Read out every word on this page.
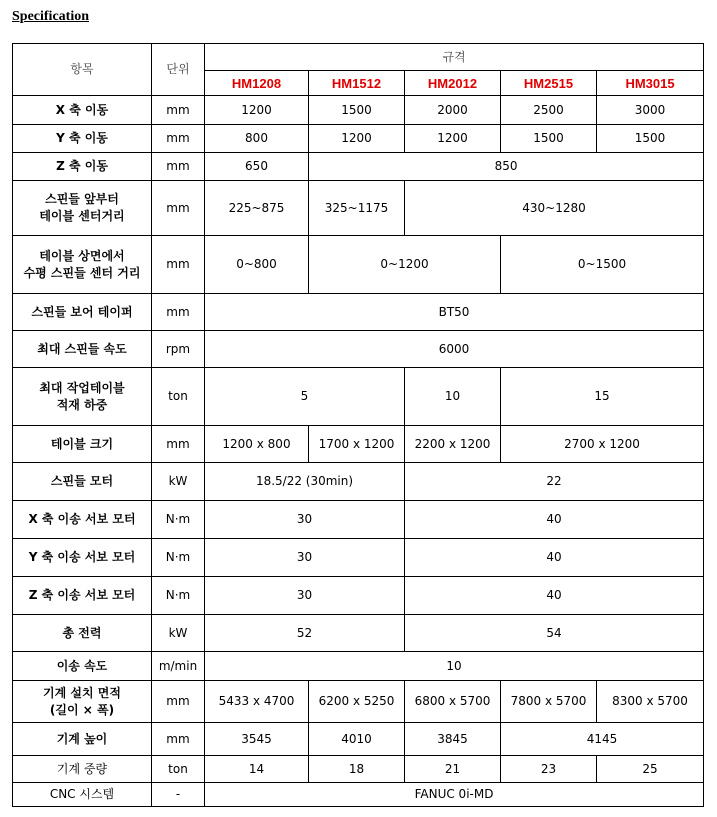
Specification
항목	단위	규격				
		HM1208	HM1512	HM2012	HM2515	HM3015
X 축 이동	mm	1200	1500	2000	2500	3000
Y 축 이동	mm	800	1200	1200	1500	1500
Z 축 이동	mm	650	850			

스핀들 앞부터
테이블 센터거리	mm	225~875	325~1175	430~1280		

테이블 상면에서
수평 스핀들 센터 거리	mm	0~800	0~1200		0~1500	
스핀들 보어 테이퍼	mm	BT50				
최대 스핀들 속도	rpm	6000				

최대 작업테이블
적재 하중	ton	5		10	15	
테이블 크기	mm	1200 x 800	1700 x 1200	2200 x 1200	2700 x 1200	
스핀들 모터	kW	18.5/22 (30min)		22		
X 축 이송 서보 모터	N·m	30		40		
Y 축 이송 서보 모터	N·m	30		40		
Z 축 이송 서보 모터	N·m	30		40		
총 전력	kW	52		54		
이송 속도	m/min	10				

기계 설치 면적
(길이 × 폭)	mm	5433 x 4700	6200 x 5250	6800 x 5700	7800 x 5700	8300 x 5700
기계 높이	mm	3545	4010	3845	4145	
기계 중량	ton	14	18	21	23	25
CNC 시스템	-	FANUC 0i-MD				
